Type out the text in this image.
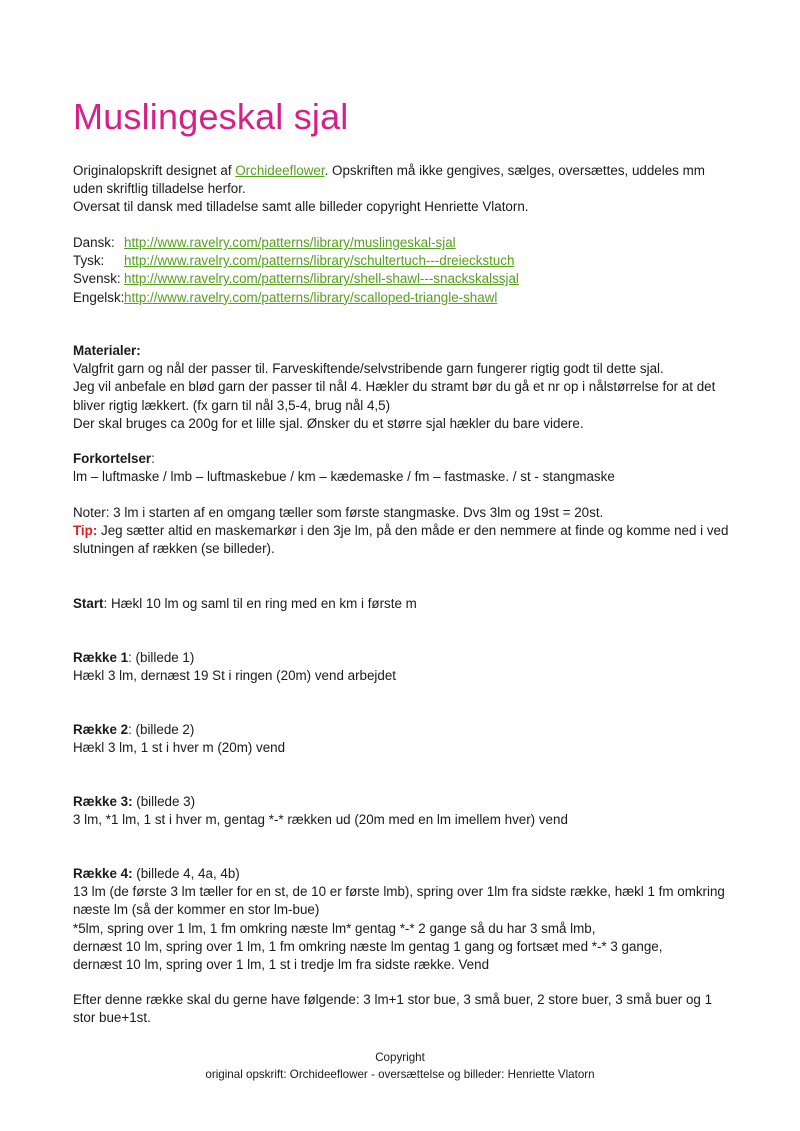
Muslingeskal sjal

Originalopskrift designet af Orchideeflower. Opskriften må ikke gengives, sælges, oversættes, uddeles mm uden skriftlig tilladelse herfor.

Oversat til dansk med tilladelse samt alle billeder copyright Henriette Vlatorn.

Dansk: http://www.ravelry.com/patterns/library/muslingeskal-sjal

Tysk: http://www.ravelry.com/patterns/library/schultertuch---dreieckstuch

Svensk: http://www.ravelry.com/patterns/library/shell-shawl---snackskalssjal

Engelsk:http://www.ravelry.com/patterns/library/scalloped-triangle-shawl

Materialer:

Valgfrit garn og nål der passer til. Farveskiftende/selvstribende garn fungerer rigtig godt til dette sjal.

Jeg vil anbefale en blød garn der passer til nål 4. Hækler du stramt bør du gå et nr op i nålstørrelse for at det bliver rigtig lækkert. (fx garn til nål 3,5-4, brug nål 4,5)

Der skal bruges ca 200g for et lille sjal. Ønsker du et større sjal hækler du bare videre.

Forkortelser:

lm – luftmaske / lmb – luftmaskebue / km – kædemaske / fm – fastmaske. / st - stangmaske

Noter: 3 lm i starten af en omgang tæller som første stangmaske. Dvs 3lm og 19st = 20st.

Tip: Jeg sætter altid en maskemarkør i den 3je lm, på den måde er den nemmere at finde og komme ned i ved slutningen af rækken (se billeder).

Start: Hækl 10 lm og saml til en ring med en km i første m

Række 1: (billede 1)

Hækl 3 lm, dernæst 19 St i ringen (20m) vend arbejdet

Række 2: (billede 2)

Hækl 3 lm, 1 st i hver m (20m) vend

Række 3: (billede 3)

3 lm, *1 lm, 1 st i hver m, gentag *-* rækken ud (20m med en lm imellem hver) vend

Række 4: (billede 4, 4a, 4b)

13 lm (de første 3 lm tæller for en st, de 10 er første lmb), spring over 1lm fra sidste række, hækl 1 fm omkring næste lm (så der kommer en stor lm-bue)

*5lm, spring over 1 lm, 1 fm omkring næste lm* gentag *-* 2 gange så du har 3 små lmb,

dernæst 10 lm, spring over 1 lm, 1 fm omkring næste lm gentag 1 gang og fortsæt med *-* 3 gange,

dernæst 10 lm, spring over 1 lm, 1 st i tredje lm fra sidste række. Vend

Efter denne række skal du gerne have følgende: 3 lm+1 stor bue, 3 små buer, 2 store buer, 3 små buer og 1 stor bue+1st.

Copyright
original opskrift: Orchideeflower - oversættelse og billeder: Henriette Vlatorn
